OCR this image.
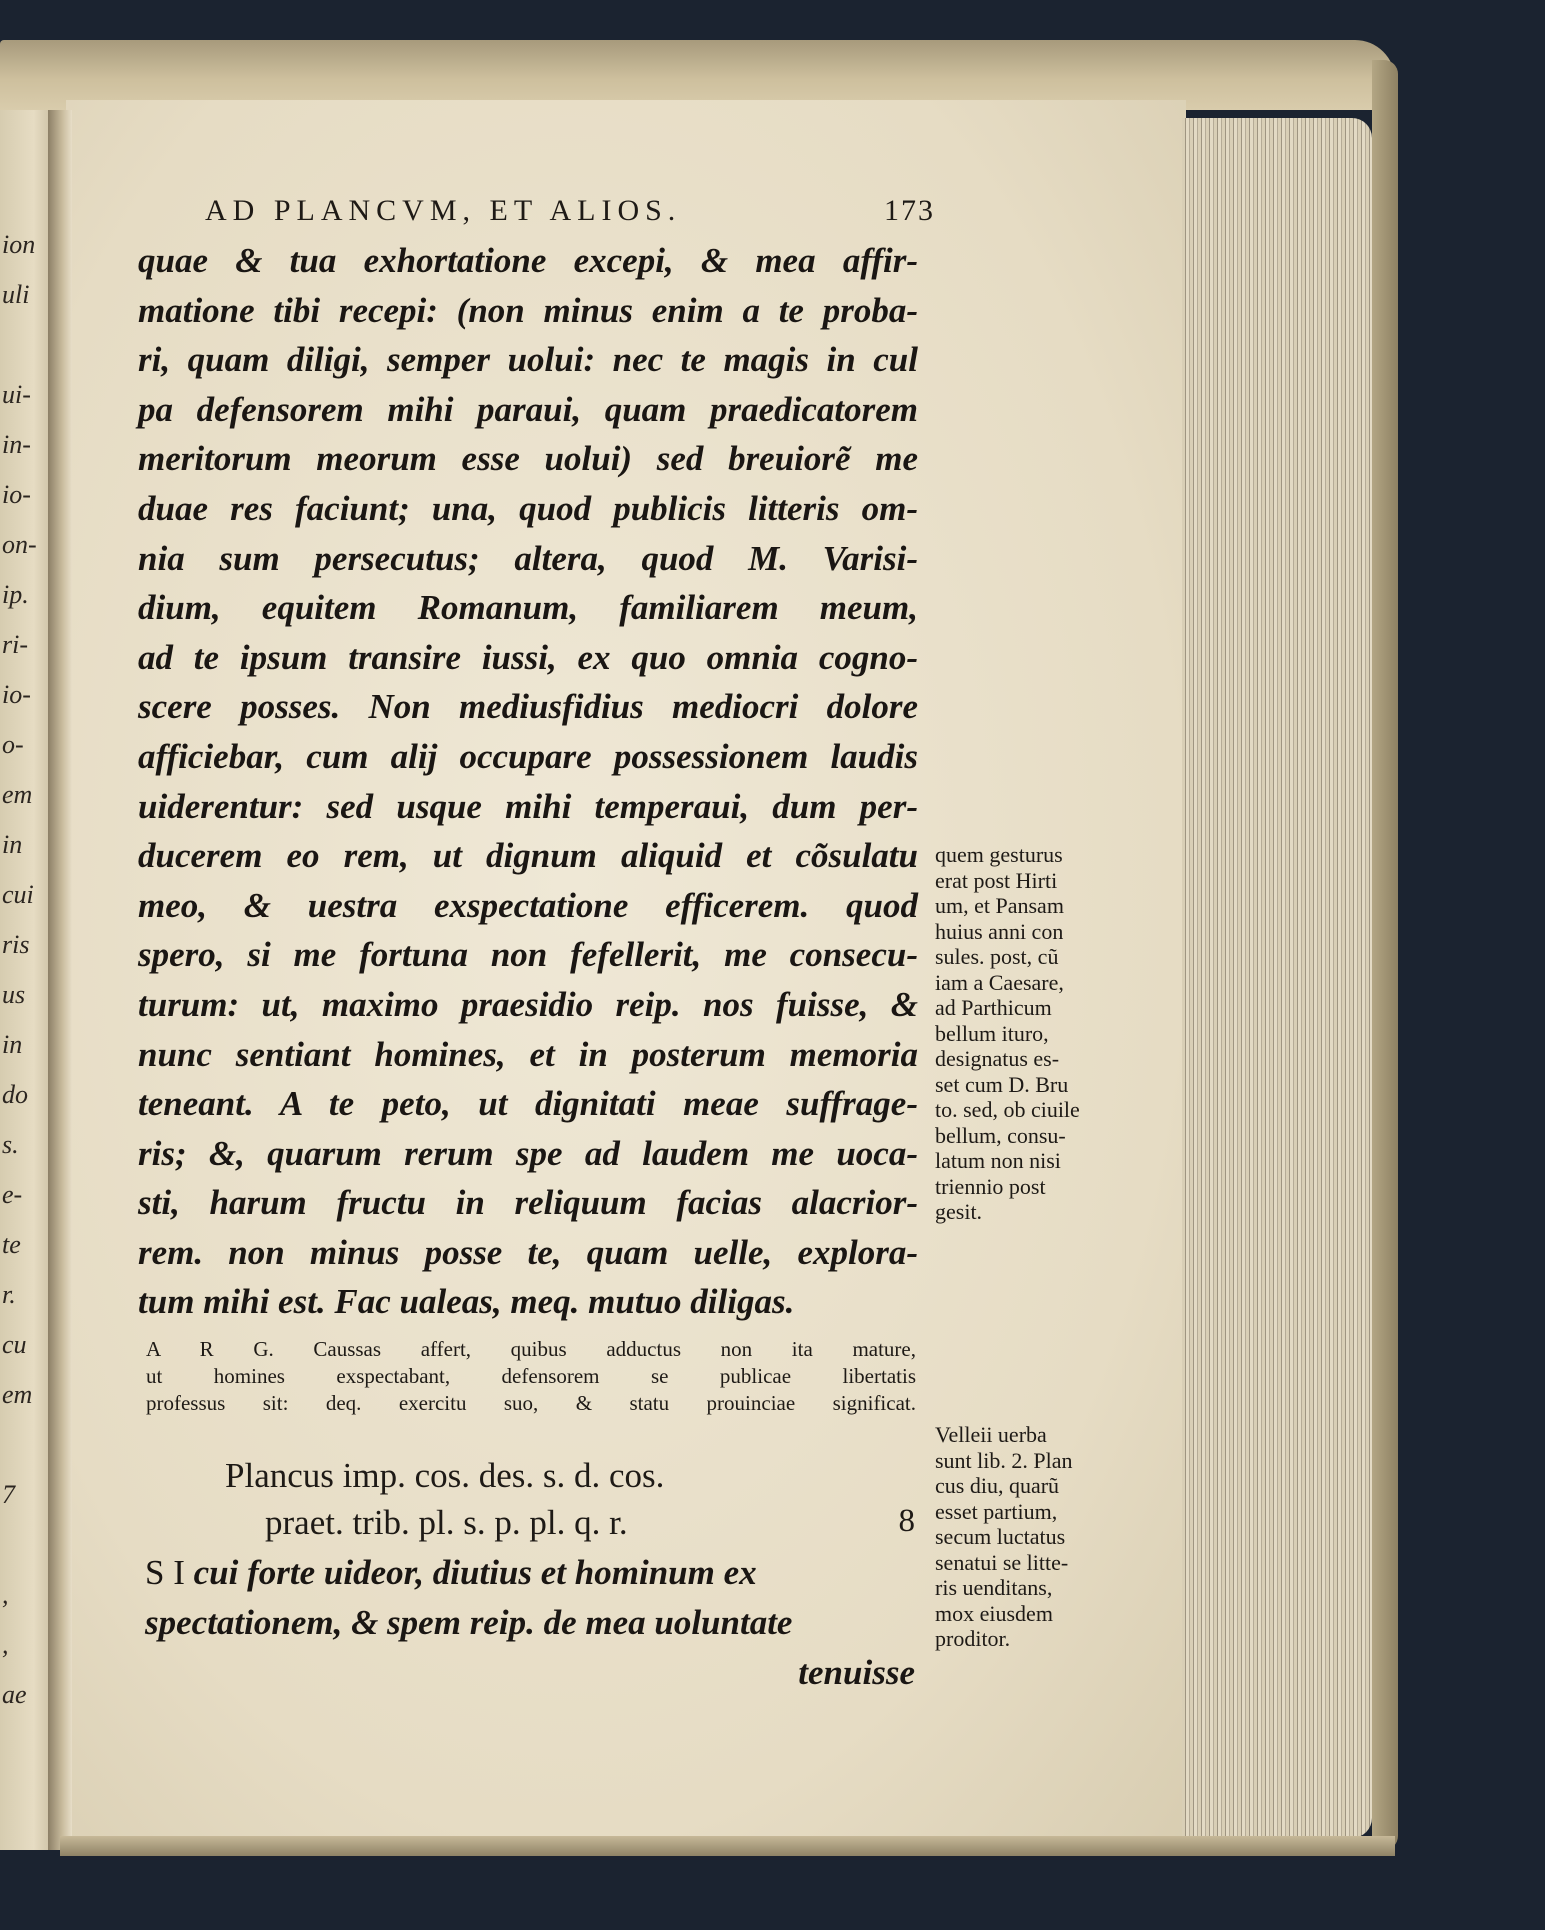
ion
uli
ui-
in-
io-
on-
ip.
ri-
io-
o-
em
in
cui
ris
us
in
do
s.
e-
te
r.
cu
em
7
,
,
ae
AD PLANCVM, ET ALIOS.	173
quae & tua exhortatione excepi, & mea affir-
matione tibi recepi: (non minus enim a te proba-
ri, quam diligi, semper uolui: nec te magis in cul
pa defensorem mihi paraui, quam praedicatorem
meritorum meorum esse uolui) sed breuiorẽ me
duae res faciunt; una, quod publicis litteris om-
nia sum persecutus; altera, quod M. Varisi-
dium, equitem Romanum, familiarem meum,
ad te ipsum transire iussi, ex quo omnia cogno-
scere posses. Non mediusfidius mediocri dolore
afficiebar, cum alij occupare possessionem laudis
uiderentur: sed usque mihi temperaui, dum per-
ducerem eo rem, ut dignum aliquid et cõsulatu
meo, & uestra exspectatione efficerem. quod
spero, si me fortuna non fefellerit, me consecu-
turum: ut, maximo praesidio reip. nos fuisse, &
nunc sentiant homines, et in posterum memoria
teneant. A te peto, ut dignitati meae suffrage-
ris; &, quarum rerum spe ad laudem me uoca-
sti, harum fructu in reliquum facias alacrior-
rem. non minus posse te, quam uelle, explora-
tum mihi est. Fac ualeas, meq. mutuo diligas.
A R G. Caussas affert, quibus adductus non ita mature,
ut homines exspectabant, defensorem se publicae libertatis
professus sit: deq. exercitu suo, & statu prouinciae significat.
Plancus imp. cos. des. s. d. cos.
praet. trib. pl. s. p. pl. q. r.	8
S I cui forte uideor, diutius et hominum ex
spectationem, & spem reip. de mea uoluntate
tenuisse
quem gesturus
erat post Hirti
um, et Pansam
huius anni con
sules. post, cũ
iam a Caesare,
ad Parthicum
bellum ituro,
designatus es-
set cum D. Bru
to. sed, ob ciuile
bellum, consu-
latum non nisi
triennio post
gesit.
Velleii uerba
sunt lib. 2. Plan
cus diu, quarũ
esset partium,
secum luctatus
senatui se litte-
ris uenditans,
mox eiusdem
proditor.
